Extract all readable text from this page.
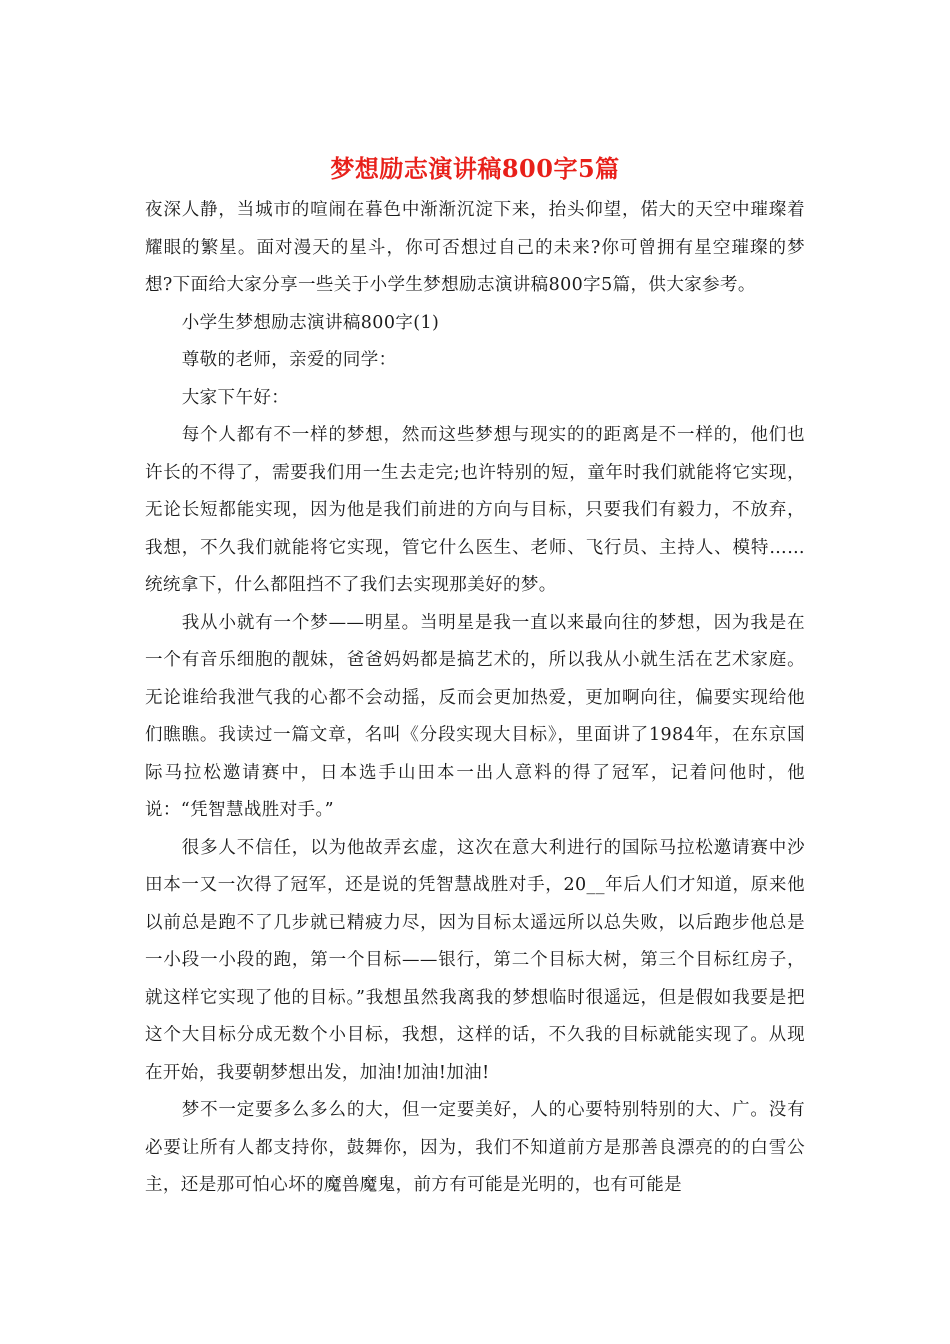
梦想励志演讲稿800字5篇

夜深人静，当城市的喧闹在暮色中渐渐沉淀下来，抬头仰望，偌大的天空中璀璨着耀眼的繁星。面对漫天的星斗，你可否想过自己的未来?你可曾拥有星空璀璨的梦想?下面给大家分享一些关于小学生梦想励志演讲稿800字5篇，供大家参考。

小学生梦想励志演讲稿800字(1)

尊敬的老师，亲爱的同学：

大家下午好：

每个人都有不一样的梦想，然而这些梦想与现实的的距离是不一样的，他们也许长的不得了，需要我们用一生去走完;也许特别的短，童年时我们就能将它实现，无论长短都能实现，因为他是我们前进的方向与目标，只要我们有毅力，不放弃，我想，不久我们就能将它实现，管它什么医生、老师、飞行员、主持人、模特……统统拿下，什么都阻挡不了我们去实现那美好的梦。

我从小就有一个梦——明星。当明星是我一直以来最向往的梦想，因为我是在一个有音乐细胞的靓妹，爸爸妈妈都是搞艺术的，所以我从小就生活在艺术家庭。无论谁给我泄气我的心都不会动摇，反而会更加热爱，更加啊向往，偏要实现给他们瞧瞧。我读过一篇文章，名叫《分段实现大目标》，里面讲了1984年，在东京国际马拉松邀请赛中，日本选手山田本一出人意料的得了冠军，记着问他时，他说：“凭智慧战胜对手。”

很多人不信任，以为他故弄玄虚，这次在意大利进行的国际马拉松邀请赛中沙田本一又一次得了冠军，还是说的凭智慧战胜对手，20__年后人们才知道，原来他以前总是跑不了几步就已精疲力尽，因为目标太遥远所以总失败，以后跑步他总是一小段一小段的跑，第一个目标——银行，第二个目标大树，第三个目标红房子，就这样它实现了他的目标。”我想虽然我离我的梦想临时很遥远，但是假如我要是把这个大目标分成无数个小目标，我想，这样的话，不久我的目标就能实现了。从现在开始，我要朝梦想出发，加油!加油!加油!

梦不一定要多么多么的大，但一定要美好，人的心要特别特别的大、广。没有必要让所有人都支持你，鼓舞你，因为，我们不知道前方是那善良漂亮的的白雪公主，还是那可怕心坏的魔兽魔鬼，前方有可能是光明的，也有可能是
